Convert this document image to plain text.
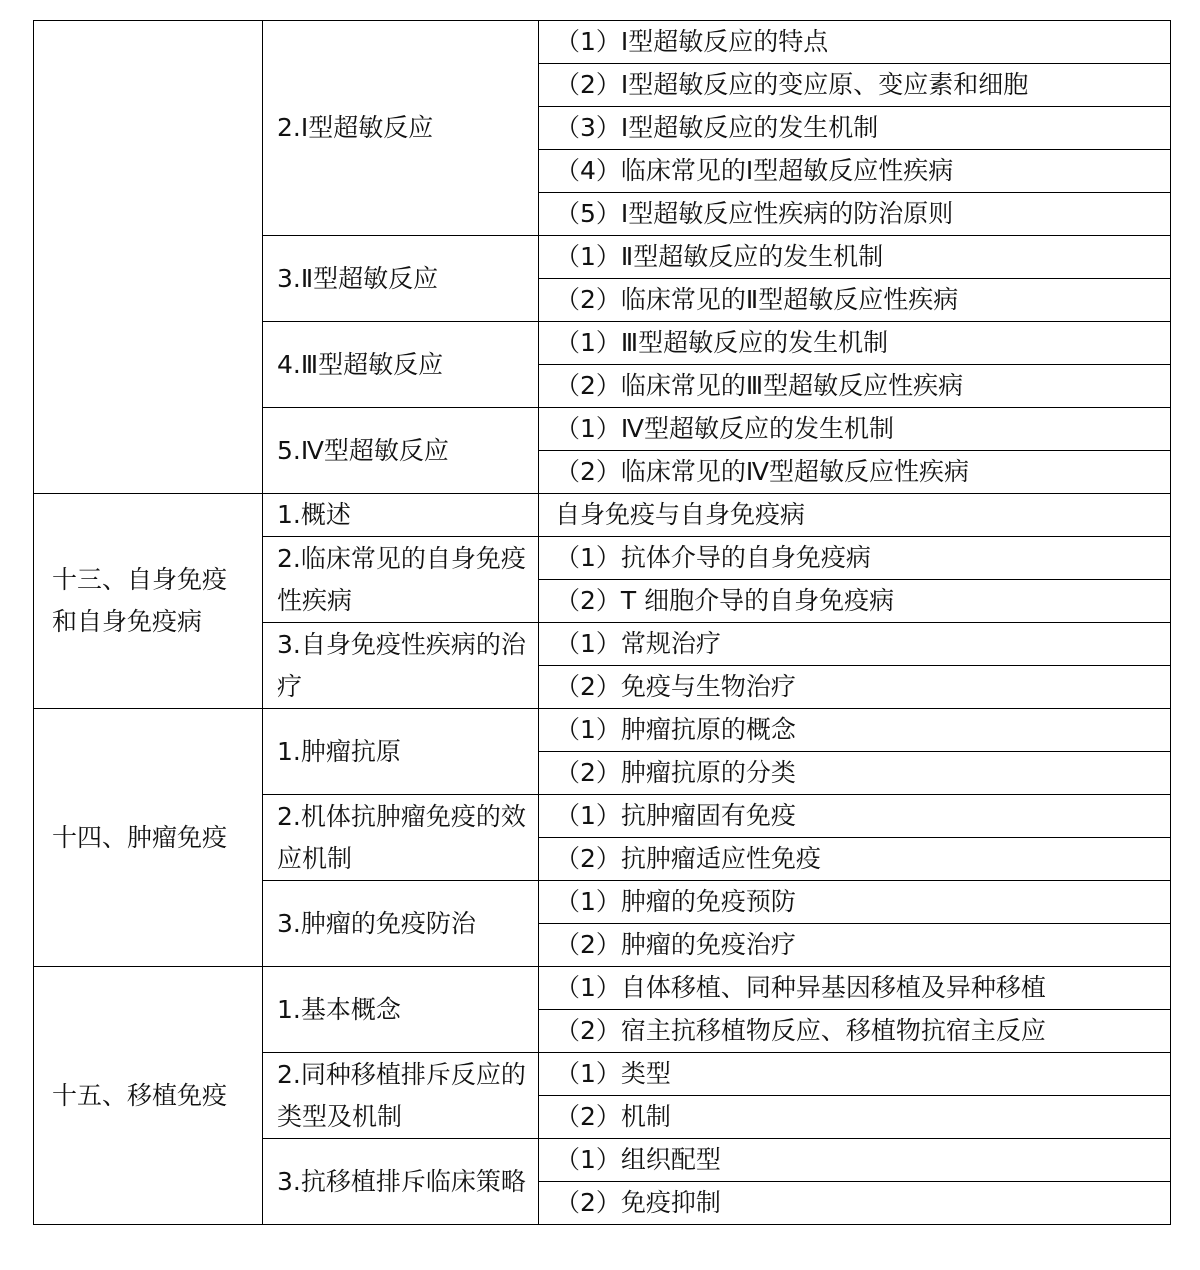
	2.Ⅰ型超敏反应	（1）Ⅰ型超敏反应的特点
		（2）Ⅰ型超敏反应的变应原、变应素和细胞
		（3）Ⅰ型超敏反应的发生机制
		（4）临床常见的Ⅰ型超敏反应性疾病
		（5）Ⅰ型超敏反应性疾病的防治原则
	3.Ⅱ型超敏反应	（1）Ⅱ型超敏反应的发生机制
		（2）临床常见的Ⅱ型超敏反应性疾病
	4.Ⅲ型超敏反应	（1）Ⅲ型超敏反应的发生机制
		（2）临床常见的Ⅲ型超敏反应性疾病
	5.Ⅳ型超敏反应	（1）Ⅳ型超敏反应的发生机制
		（2）临床常见的Ⅳ型超敏反应性疾病
十三、自身免疫和自身免疫病	1.概述	自身免疫与自身免疫病
	2.临床常见的自身免疫性疾病	（1）抗体介导的自身免疫病
		（2）T 细胞介导的自身免疫病
	3.自身免疫性疾病的治疗	（1）常规治疗
		（2）免疫与生物治疗
十四、肿瘤免疫	1.肿瘤抗原	（1）肿瘤抗原的概念
		（2）肿瘤抗原的分类
	2.机体抗肿瘤免疫的效应机制	（1）抗肿瘤固有免疫
		（2）抗肿瘤适应性免疫
	3.肿瘤的免疫防治	（1）肿瘤的免疫预防
		（2）肿瘤的免疫治疗
十五、移植免疫	1.基本概念	（1）自体移植、同种异基因移植及异种移植
		（2）宿主抗移植物反应、移植物抗宿主反应
	2.同种移植排斥反应的类型及机制	（1）类型
		（2）机制
	3.抗移植排斥临床策略	（1）组织配型
		（2）免疫抑制
